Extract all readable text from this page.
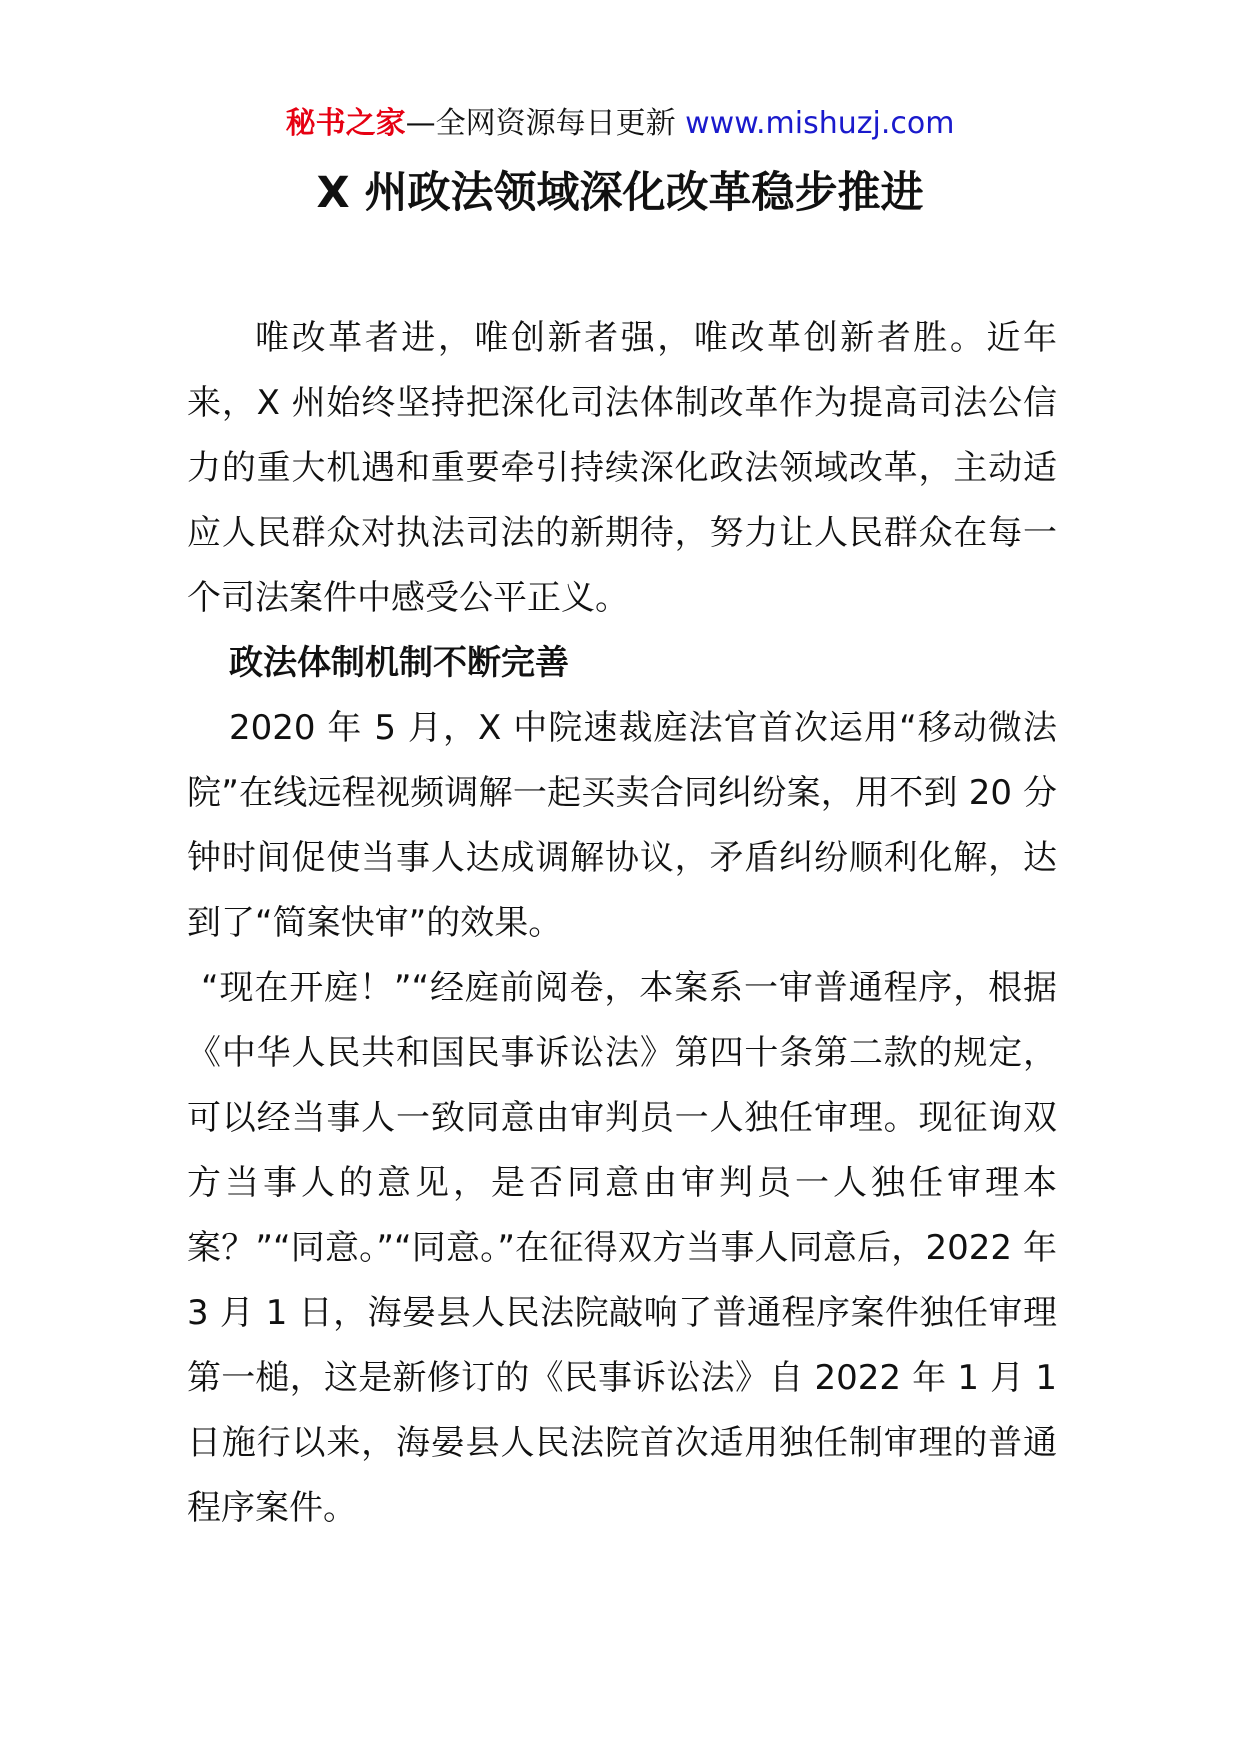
秘书之家—全网资源每日更新 www.mishuzj.com
X 州政法领域深化改革稳步推进

唯改革者进，唯创新者强，唯改革创新者胜。近年来，X 州始终坚持把深化司法体制改革作为提高司法公信力的重大机遇和重要牵引持续深化政法领域改革，主动适应人民群众对执法司法的新期待，努力让人民群众在每一个司法案件中感受公平正义。

政法体制机制不断完善

2020 年 5 月，X 中院速裁庭法官首次运用“移动微法院”在线远程视频调解一起买卖合同纠纷案，用不到 20 分钟时间促使当事人达成调解协议，矛盾纠纷顺利化解，达到了“简案快审”的效果。

“现在开庭！”“经庭前阅卷，本案系一审普通程序，根据《中华人民共和国民事诉讼法》第四十条第二款的规定，可以经当事人一致同意由审判员一人独任审理。现征询双方当事人的意见，是否同意由审判员一人独任审理本案？”“同意。”“同意。”在征得双方当事人同意后，2022 年 3 月 1 日，海晏县人民法院敲响了普通程序案件独任审理第一槌，这是新修订的《民事诉讼法》自 2022 年 1 月 1 日施行以来，海晏县人民法院首次适用独任制审理的普通程序案件。
